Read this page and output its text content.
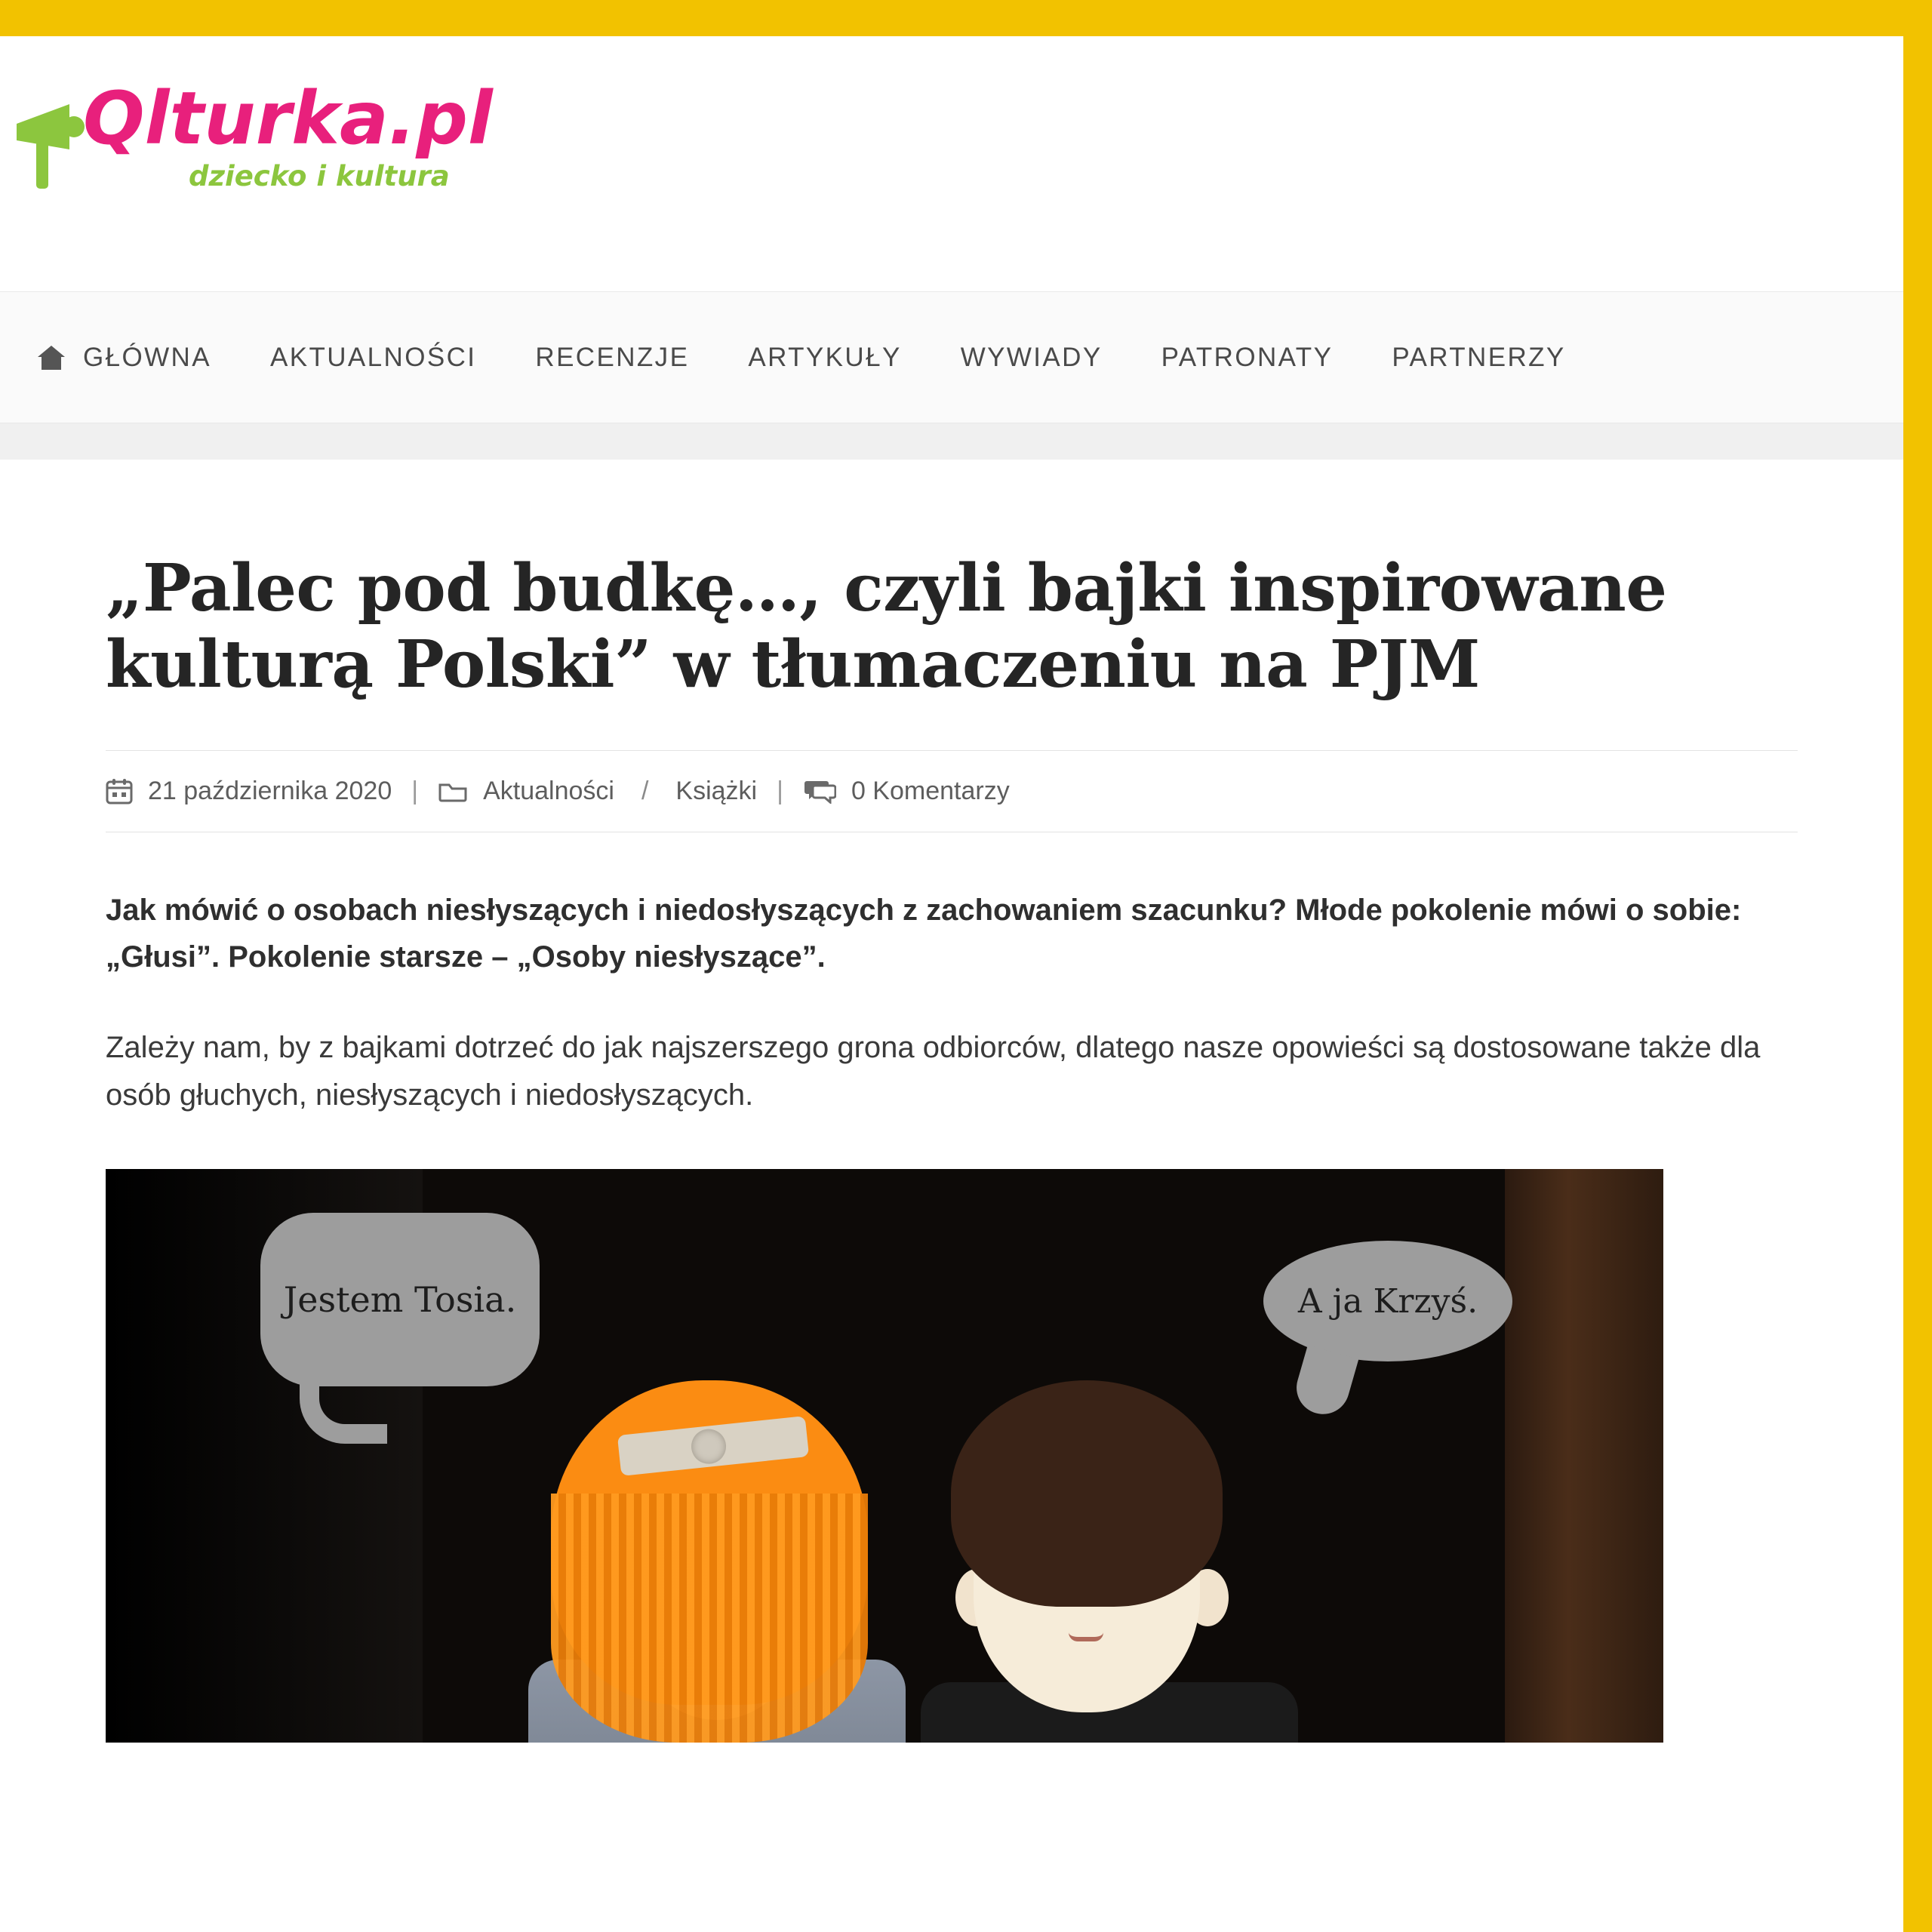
Qlturka.pl
dziecko i kultura
GŁÓWNA AKTUALNOŚCI RECENZJE ARTYKUŁY WYWIADY PATRONATY PARTNERZY
„Palec pod budkę…, czyli bajki inspirowane kulturą Polski” w tłumaczeniu na PJM
21 października 2020 |	Aktualności / Książki |	0 Komentarzy

Jak mówić o osobach niesłyszących i niedosłyszących z zachowaniem szacunku? Młode pokolenie mówi o sobie: „Głusi”. Pokolenie starsze – „Osoby niesłyszące”.

Zależy nam, by z bajkami dotrzeć do jak najszerszego grona odbiorców, dlatego nasze opowieści są dostosowane także dla osób głuchych, niesłyszących i niedosłyszących.

Jestem Tosia.	A ja Krzyś.
